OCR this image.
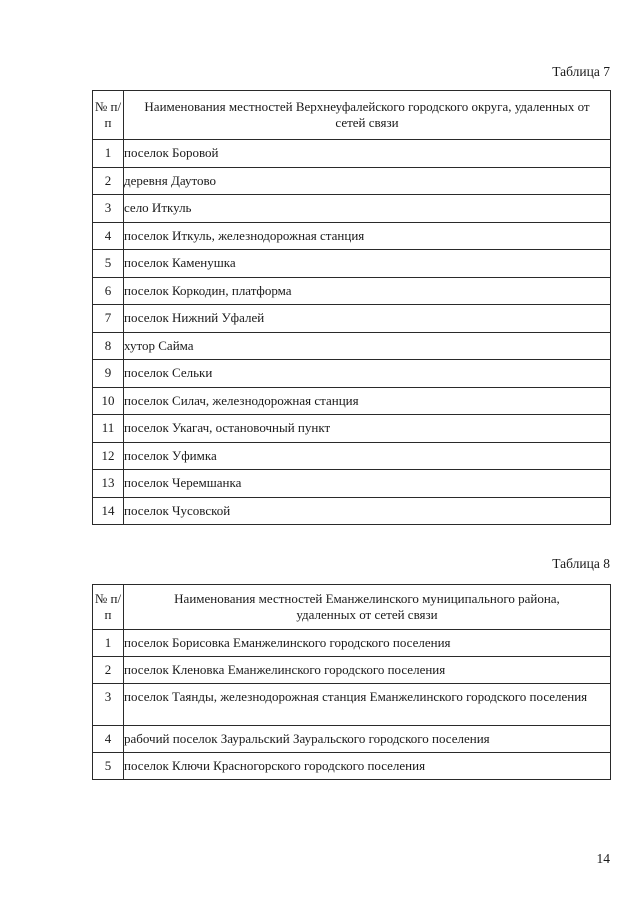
Таблица 7
№ п/п	Наименования местностей Верхнеуфалейского городского округа, удаленных от сетей связи
1	поселок Боровой
2	деревня Даутово
3	село Иткуль
4	поселок Иткуль, железнодорожная станция
5	поселок Каменушка
6	поселок Коркодин, платформа
7	поселок Нижний Уфалей
8	хутор Сайма
9	поселок Сельки
10	поселок Силач, железнодорожная станция
11	поселок Укагач, остановочный пункт
12	поселок Уфимка
13	поселок Черемшанка
14	поселок Чусовской
Таблица 8
№ п/п	Наименования местностей Еманжелинского муниципального района, удаленных от сетей связи
1	поселок Борисовка Еманжелинского городского поселения
2	поселок Кленовка Еманжелинского городского поселения
3	поселок Таянды, железнодорожная станция Еманжелинского городского поселения
4	рабочий поселок Зауральский Зауральского городского поселения
5	поселок Ключи Красногорского городского поселения
14
